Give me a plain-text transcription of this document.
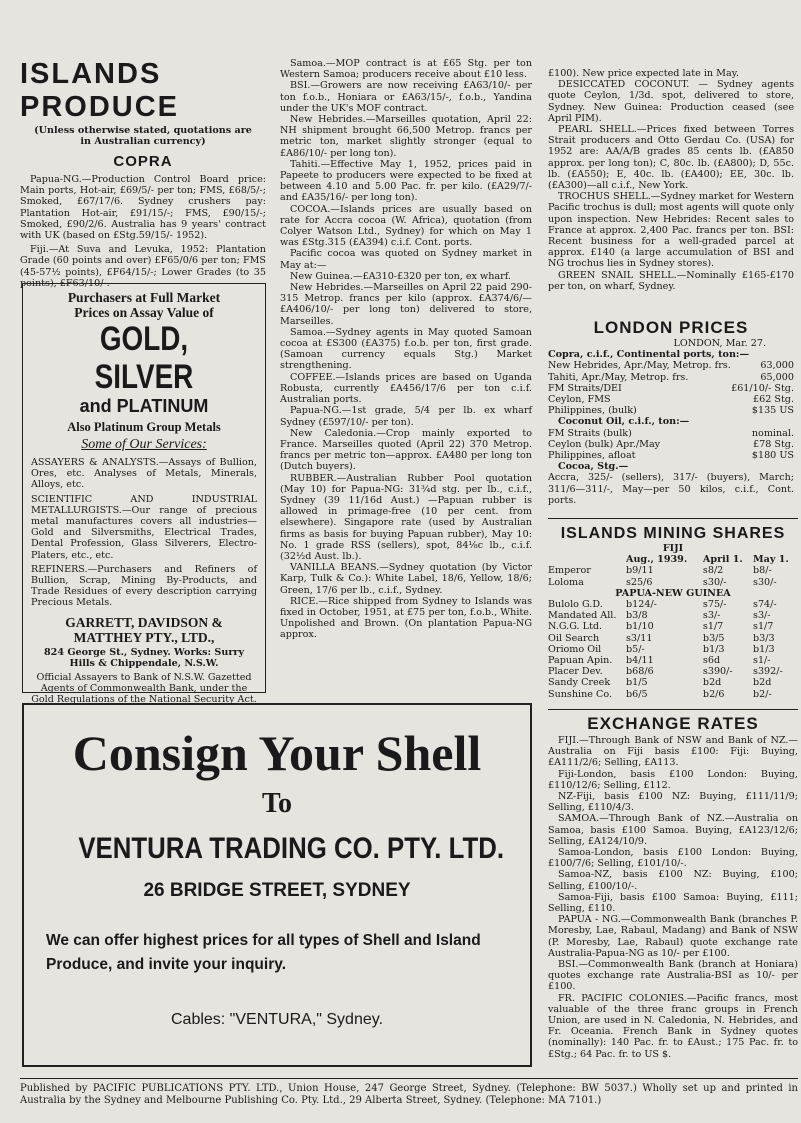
ISLANDS PRODUCE
(Unless otherwise stated, quotations are in Australian currency)
COPRA

Papua-NG.—Production Control Board price: Main ports, Hot-air, £69/5/- per ton; FMS, £68/5/-; Smoked, £67/17/6. Sydney crushers pay: Plantation Hot-air, £91/15/-; FMS, £90/15/-; Smoked, £90/2/6. Australia has 9 years' contract with UK (based on £Stg.59/15/- 1952).

Fiji.—At Suva and Levuka, 1952: Plantation Grade (60 points and over) £F65/0/6 per ton; FMS (45-57½ points), £F64/15/-; Lower Grades (to 35 points), £F63/10/-.

Purchasers at Full Market
Prices on Assay Value of
GOLD, SILVER
and PLATINUM
Also Platinum Group Metals
Some of Our Services:

ASSAYERS & ANALYSTS.—Assays of Bullion, Ores, etc. Analyses of Metals, Minerals, Alloys, etc.

SCIENTIFIC AND INDUSTRIAL METALLURGISTS.—Our range of precious metal manufactures covers all industries—Gold and Silversmiths, Electrical Trades, Dental Profession, Glass Silverers, Electro-Platers, etc., etc.

REFINERS.—Purchasers and Refiners of Bullion, Scrap, Mining By-Products, and Trade Residues of every description carrying Precious Metals.

GARRETT, DAVIDSON & MATTHEY PTY., LTD.,
824 George St., Sydney. Works: Surry Hills & Chippendale, N.S.W.
Official Assayers to Bank of N.S.W. Gazetted Agents of Commonwealth Bank, under the Gold Regulations of the National Security Act.

Samoa.—MOP contract is at £65 Stg. per ton Western Samoa; producers receive about £10 less.

BSI.—Growers are now receiving £A63/10/- per ton f.o.b., Honiara or £A63/15/-, f.o.b., Yandina under the UK's MOF contract.

New Hebrides.—Marseilles quotation, April 22: NH shipment brought 66,500 Metrop. francs per metric ton, market slightly stronger (equal to £A86/10/- per long ton).

Tahiti.—Effective May 1, 1952, prices paid in Papeete to producers were expected to be fixed at between 4.10 and 5.00 Pac. fr. per kilo. (£A29/7/- and £A35/16/- per long ton).

COCOA.—Islands prices are usually based on rate for Accra cocoa (W. Africa), quotation (from Colyer Watson Ltd., Sydney) for which on May 1 was £Stg.315 (£A394) c.i.f. Cont. ports.

Pacific cocoa was quoted on Sydney market in May at:—

New Guinea.—£A310-£320 per ton, ex wharf.

New Hebrides.—Marseilles on April 22 paid 290-315 Metrop. francs per kilo (approx. £A374/6/—£A406/10/- per long ton) delivered to store, Marseilles.

Samoa.—Sydney agents in May quoted Samoan cocoa at £S300 (£A375) f.o.b. per ton, first grade. (Samoan currency equals Stg.) Market strengthening.

COFFEE.—Islands prices are based on Uganda Robusta, currently £A456/17/6 per ton c.i.f. Australian ports.

Papua-NG.—1st grade, 5/4 per lb. ex wharf Sydney (£597/10/- per ton).

New Caledonia.—Crop mainly exported to France. Marseilles quoted (April 22) 370 Metrop. francs per metric ton—approx. £A480 per long ton (Dutch buyers).

RUBBER.—Australian Rubber Pool quotation (May 10) for Papua-NG: 31¾d stg. per lb., c.i.f., Sydney (39 11/16d Aust.) —Papuan rubber is allowed in primage-free (10 per cent. from elsewhere). Singapore rate (used by Australian firms as basis for buying Papuan rubber), May 10: No. 1 grade RSS (sellers), spot, 84⅛c lb., c.i.f. (32½d Aust. lb.).

VANILLA BEANS.—Sydney quotation (by Victor Karp, Tulk & Co.): White Label, 18/6, Yellow, 18/6; Green, 17/6 per lb., c.i.f., Sydney.

RICE.—Rice shipped from Sydney to Islands was fixed in October, 1951, at £75 per ton, f.o.b., White. Unpolished and Brown. (On plantation Papua-NG approx.

£100). New price expected late in May.

DESICCATED COCONUT. — Sydney agents quote Ceylon, 1/3d. spot, delivered to store, Sydney. New Guinea: Production ceased (see April PIM).

PEARL SHELL.—Prices fixed between Torres Strait producers and Otto Gerdau Co. (USA) for 1952 are: AA/A/B grades 85 cents lb. (£A850 approx. per long ton); C, 80c. lb. (£A800); D, 55c. lb. (£A550); E, 40c. lb. (£A400); EE, 30c. lb. (£A300)—all c.i.f., New York.

TROCHUS SHELL.—Sydney market for Western Pacific trochus is dull; most agents will quote only upon inspection. New Hebrides: Recent sales to France at approx. 2,400 Pac. francs per ton. BSI: Recent business for a well-graded parcel at approx. £140 (a large accumulation of BSI and NG trochus lies in Sydney stores).

GREEN SNAIL SHELL.—Nominally £165-£170 per ton, on wharf, Sydney.

LONDON PRICES
LONDON, Mar. 27.
Copra, c.i.f., Continental ports, ton:—
New Hebrides, Apr./May, Metrop. frs.	63,000
Tahiti, Apr./May, Metrop. frs.	65,000
FM Straits/DEI	£61/10/- Stg.
Ceylon, FMS	£62 Stg.
Philippines, (bulk)	$135 US
Coconut Oil, c.i.f., ton:—
FM Straits (bulk)	nominal.
Ceylon (bulk) Apr./May	£78 Stg.
Philippines, afloat	$180 US
Cocoa, Stg.—
Accra, 325/- (sellers), 317/- (buyers), March; 311/6—311/-, May—per 50 kilos, c.i.f., Cont. ports.
ISLANDS MINING SHARES
FIJI
	Aug., 1939.	April 1.	May 1.
Emperor	b9/11	s8/2	b8/-
Loloma	s25/6	s30/-	s30/-
PAPUA-NEW GUINEA			
Bulolo G.D.	b124/-	s75/-	s74/-
Mandated All.	b3/8	s3/-	s3/-
N.G.G. Ltd.	b1/10	s1/7	s1/7
Oil Search	s3/11	b3/5	b3/3
Oriomo Oil	b5/-	b1/3	b1/3
Papuan Apin.	b4/11	s6d	s1/-
Placer Dev.	b68/6	s390/-	s392/-
Sandy Creek	b1/5	b2d	b2d
Sunshine Co.	b6/5	b2/6	b2/-
EXCHANGE RATES

FIJI.—Through Bank of NSW and Bank of NZ.—Australia on Fiji basis £100: Fiji: Buying, £A111/2/6; Selling, £A113.

Fiji-London, basis £100 London: Buying, £110/12/6; Selling, £112.

NZ-Fiji, basis £100 NZ: Buying, £111/11/9; Selling, £110/4/3.

SAMOA.—Through Bank of NZ.—Australia on Samoa, basis £100 Samoa. Buying, £A123/12/6; Selling, £A124/10/9.

Samoa-London, basis £100 London: Buying, £100/7/6; Selling, £101/10/-.

Samoa-NZ, basis £100 NZ: Buying, £100; Selling, £100/10/-.

Samoa-Fiji, basis £100 Samoa: Buying, £111; Selling, £110.

PAPUA - NG.—Commonwealth Bank (branches P. Moresby, Lae, Rabaul, Madang) and Bank of NSW (P. Moresby, Lae, Rabaul) quote exchange rate Australia-Papua-NG as 10/- per £100.

BSI.—Commonwealth Bank (branch at Honiara) quotes exchange rate Australia-BSI as 10/- per £100.

FR. PACIFIC COLONIES.—Pacific francs, most valuable of the three franc groups in French Union, are used in N. Caledonia, N. Hebrides, and Fr. Oceania. French Bank in Sydney quotes (nominally): 140 Pac. fr. to £Aust.; 175 Pac. fr. to £Stg.; 64 Pac. fr. to US $.

Consign Your Shell
To
VENTURA TRADING CO. PTY. LTD.
26 BRIDGE STREET, SYDNEY
We can offer highest prices for all types of Shell and Island Produce, and invite your inquiry.
Cables: "VENTURA," Sydney.
Published by PACIFIC PUBLICATIONS PTY. LTD., Union House, 247 George Street, Sydney. (Telephone: BW 5037.) Wholly set up and printed in Australia by the Sydney and Melbourne Publishing Co. Pty. Ltd., 29 Alberta Street, Sydney. (Telephone: MA 7101.)
